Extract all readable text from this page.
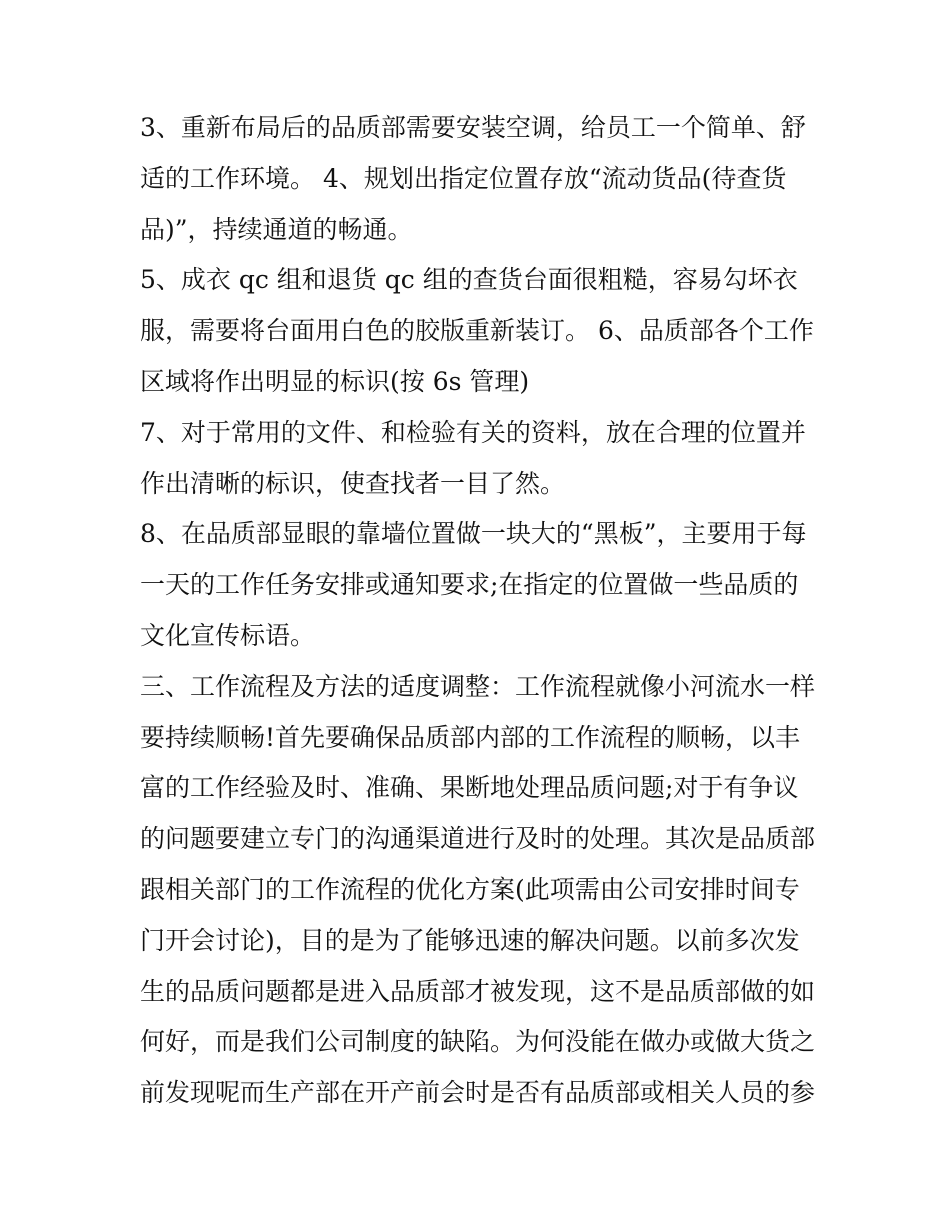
3、重新布局后的品质部需要安装空调，给员工一个简单、舒
适的工作环境。 4、规划出指定位置存放“流动货品(待查货
品)”，持续通道的畅通。
5、成衣 qc 组和退货 qc 组的查货台面很粗糙，容易勾坏衣
服，需要将台面用白色的胶版重新装订。 6、品质部各个工作
区域将作出明显的标识(按 6s 管理)
7、对于常用的文件、和检验有关的资料，放在合理的位置并
作出清晰的标识，使查找者一目了然。
8、在品质部显眼的靠墙位置做一块大的“黑板”，主要用于每
一天的工作任务安排或通知要求;在指定的位置做一些品质的
文化宣传标语。
三、工作流程及方法的适度调整：工作流程就像小河流水一样
要持续顺畅!首先要确保品质部内部的工作流程的顺畅，以丰
富的工作经验及时、准确、果断地处理品质问题;对于有争议
的问题要建立专门的沟通渠道进行及时的处理。其次是品质部
跟相关部门的工作流程的优化方案(此项需由公司安排时间专
门开会讨论)，目的是为了能够迅速的解决问题。以前多次发
生的品质问题都是进入品质部才被发现，这不是品质部做的如
何好，而是我们公司制度的缺陷。为何没能在做办或做大货之
前发现呢而生产部在开产前会时是否有品质部或相关人员的参
